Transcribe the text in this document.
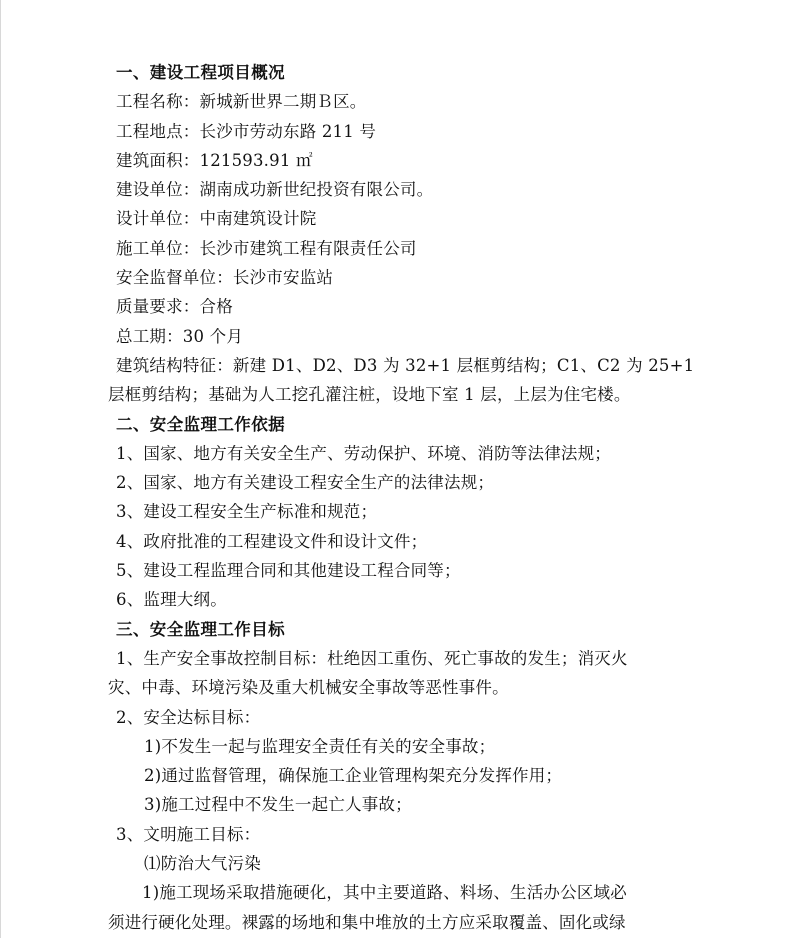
一、建设工程项目概况
工程名称：新城新世界二期Ｂ区。
工程地点：长沙市劳动东路 211 号
建筑面积：121593.91 ㎡
建设单位：湖南成功新世纪投资有限公司。
设计单位：中南建筑设计院
施工单位：长沙市建筑工程有限责任公司
安全监督单位：长沙市安监站
质量要求：合格
总工期：30 个月
建筑结构特征：新建 D1、D2、D3 为 32+1 层框剪结构；C1、C2 为 25+1
层框剪结构；基础为人工挖孔灌注桩，设地下室 1 层，上层为住宅楼。
二、安全监理工作依据
1、国家、地方有关安全生产、劳动保护、环境、消防等法律法规；
2、国家、地方有关建设工程安全生产的法律法规；
3、建设工程安全生产标准和规范；
4、政府批准的工程建设文件和设计文件；
5、建设工程监理合同和其他建设工程合同等；
6、监理大纲。
三、安全监理工作目标
1、生产安全事故控制目标：杜绝因工重伤、死亡事故的发生；消灭火
灾、中毒、环境污染及重大机械安全事故等恶性事件。
2、安全达标目标：
1)不发生一起与监理安全责任有关的安全事故；
2)通过监督管理，确保施工企业管理构架充分发挥作用；
3)施工过程中不发生一起亡人事故；
3、文明施工目标：
⑴防治大气污染
1)施工现场采取措施硬化，其中主要道路、料场、生活办公区域必
须进行硬化处理。裸露的场地和集中堆放的土方应采取覆盖、固化或绿
